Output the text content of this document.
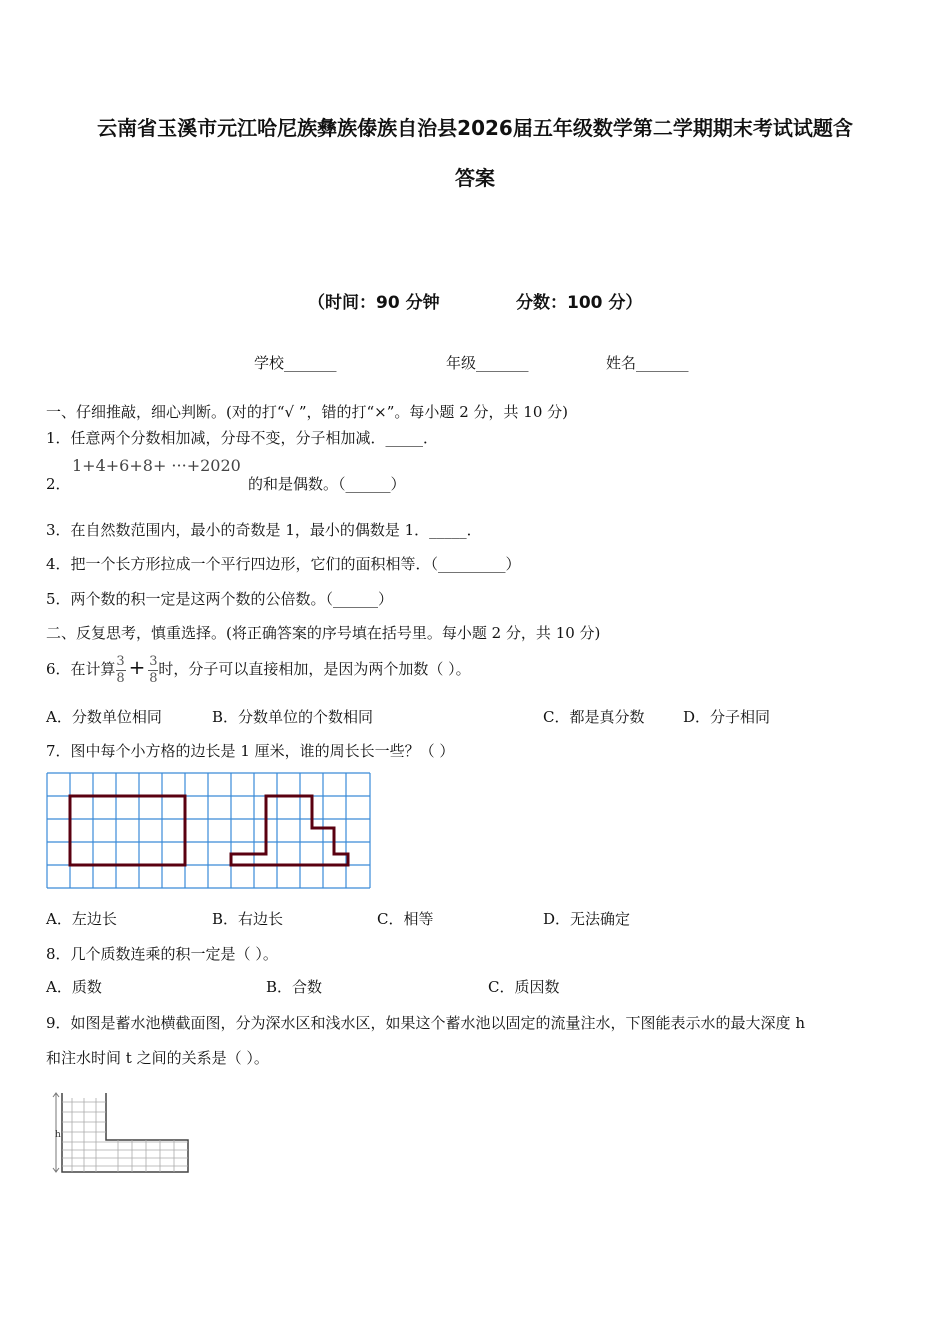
云南省玉溪市元江哈尼族彝族傣族自治县2026届五年级数学第二学期期末考试试题含
答案
（时间：90 分钟	分数：100 分）
学校_______	年级_______	姓名_______
一、仔细推敲，细心判断。(对的打“√ ”，错的打“×”。每小题 2 分，共 10 分)
1．任意两个分数相加减，分母不变，分子相加减．_____．
2．
1+4+6+8+ ···+2020
的和是偶数。（______）
3．在自然数范围内，最小的奇数是 1，最小的偶数是 1．_____．
4．把一个长方形拉成一个平行四边形，它们的面积相等．（_________）
5．两个数的积一定是这两个数的公倍数。（______）
二、反复思考，慎重选择。(将正确答案的序号填在括号里。每小题 2 分，共 10 分)
6．在计算 $\frac{3}{8} + \frac{3}{8}$ 时，分子可以直接相加，是因为两个加数（ ）。
A．分数单位相同	B．分数单位的个数相同	C．都是真分数	D．分子相同
7．图中每个小方格的边长是 1 厘米，谁的周长长一些？（ ）
A．左边长	B．右边长	C．相等	D．无法确定
8．几个质数连乘的积一定是（ ）。
A．质数	B．合数	C．质因数
9．如图是蓄水池横截面图，分为深水区和浅水区，如果这个蓄水池以固定的流量注水，下图能表示水的最大深度 h
和注水时间 t 之间的关系是（ ）。
h
